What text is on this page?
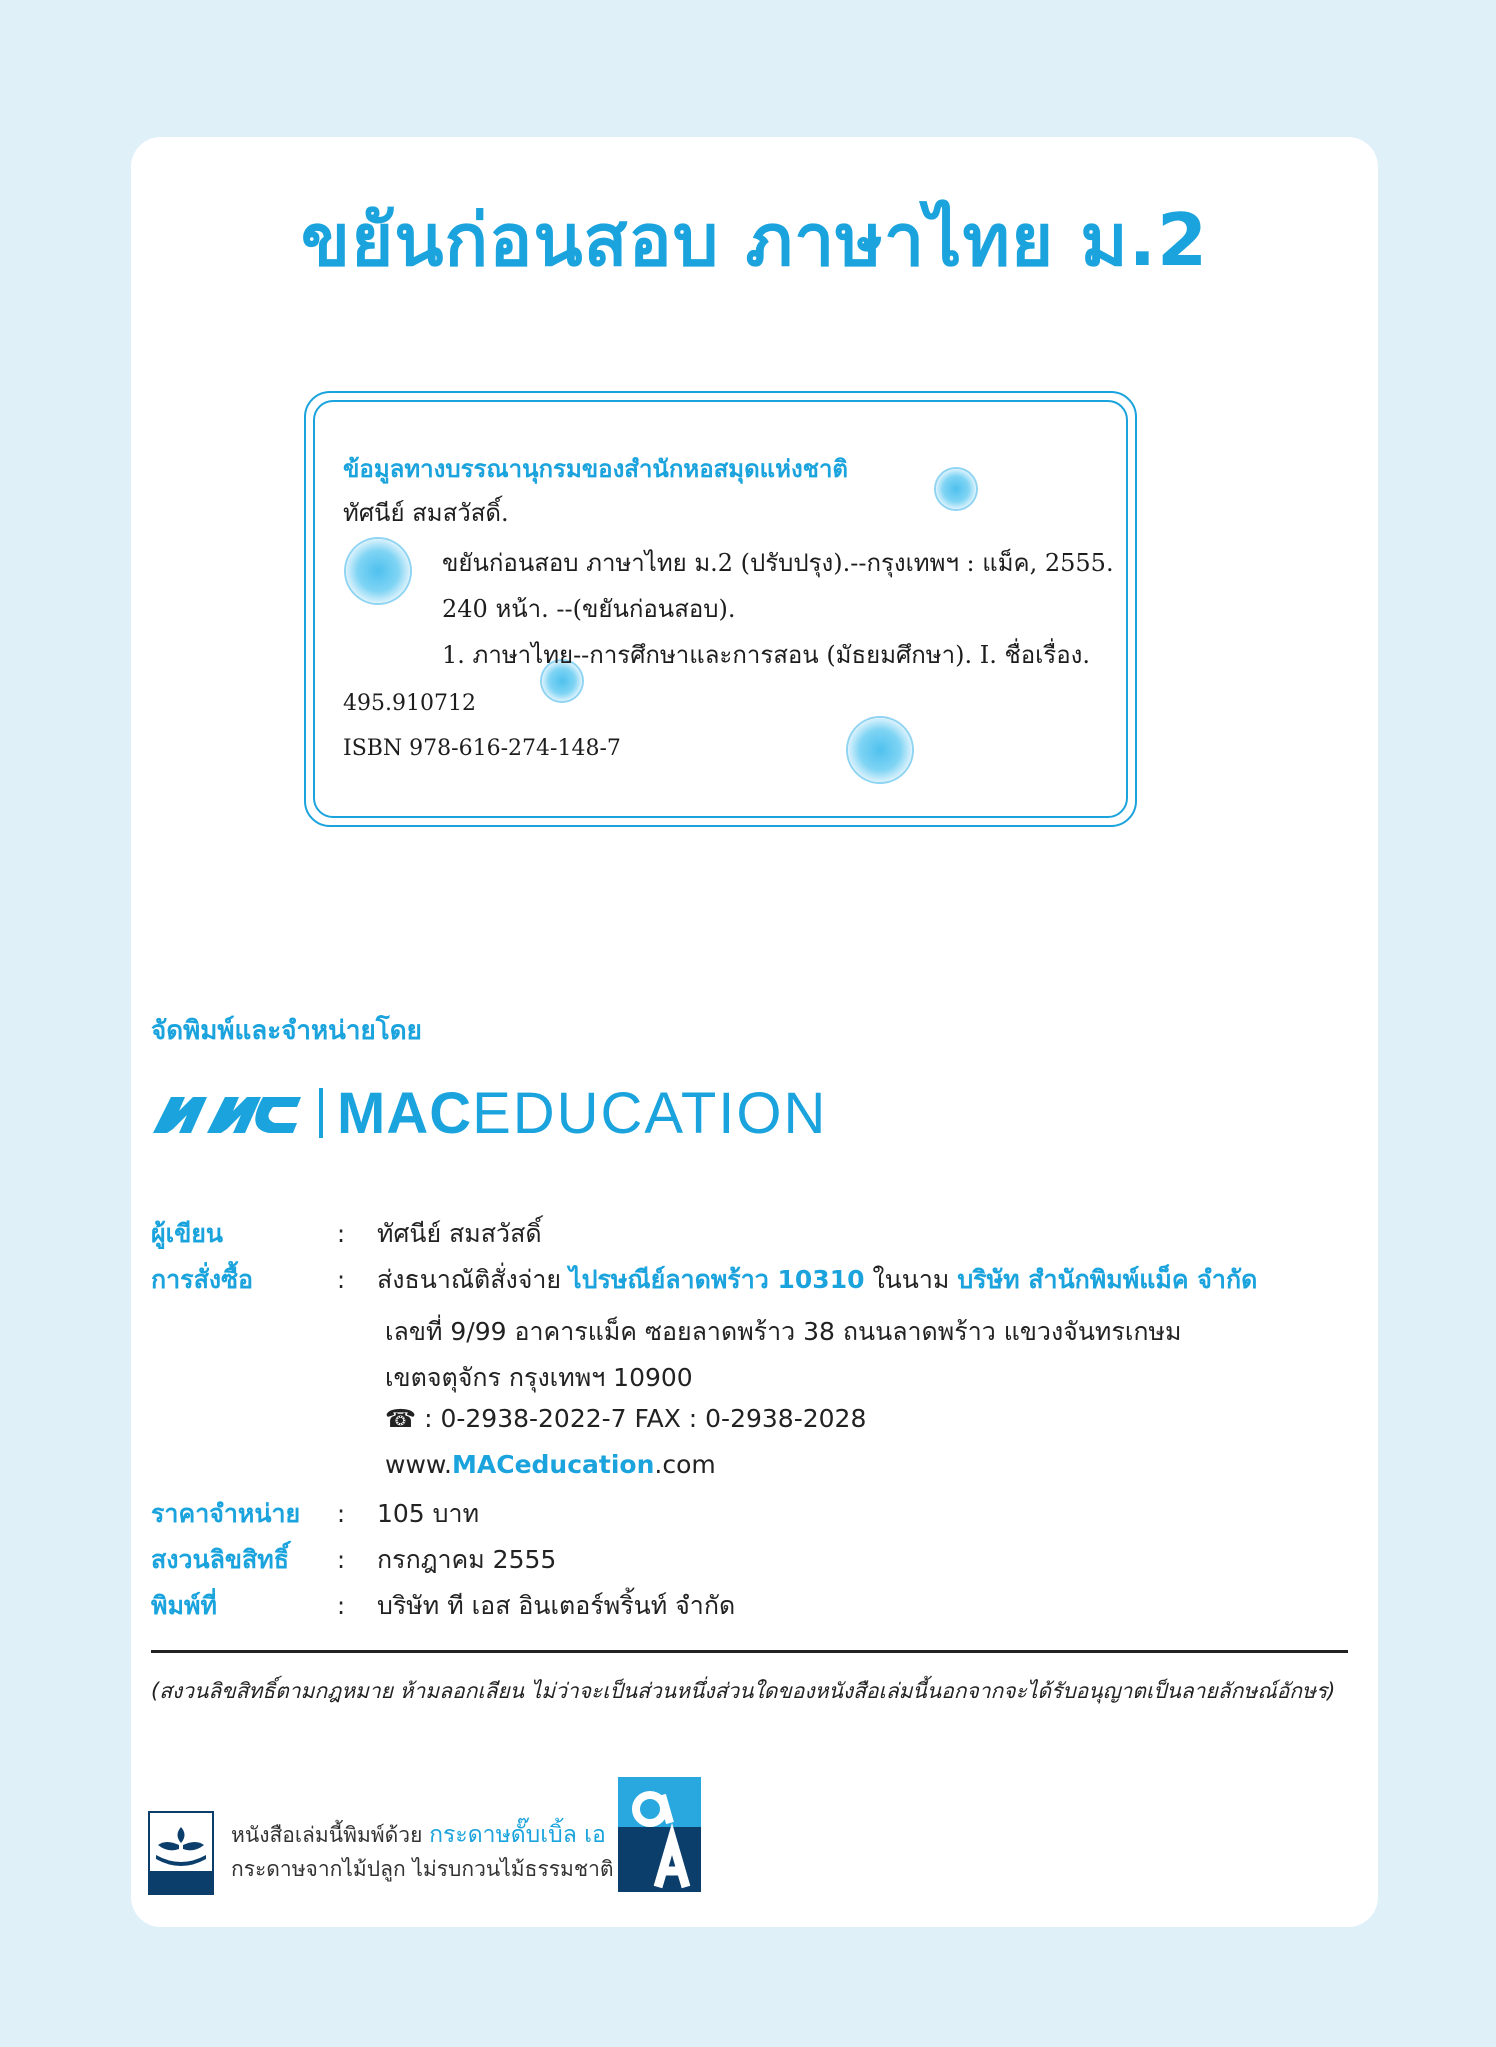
ขยันก่อนสอบ ภาษาไทย ม.2
ข้อมูลทางบรรณานุกรมของสำนักหอสมุดแห่งชาติ
ทัศนีย์ สมสวัสดิ์.
ขยันก่อนสอบ ภาษาไทย ม.2 (ปรับปรุง).--กรุงเทพฯ : แม็ค, 2555.
240 หน้า. --(ขยันก่อนสอบ).
1. ภาษาไทย--การศึกษาและการสอน (มัธยมศึกษา). I. ชื่อเรื่อง.
495.910712
ISBN 978-616-274-148-7
จัดพิมพ์และจำหน่ายโดย
MAC EDUCATION
ผู้เขียน	:	ทัศนีย์ สมสวัสดิ์
การสั่งซื้อ	:	ส่งธนาณัติสั่งจ่าย ไปรษณีย์ลาดพร้าว 10310 ในนาม บริษัท สำนักพิมพ์แม็ค จำกัด
เลขที่ 9/99 อาคารแม็ค ซอยลาดพร้าว 38 ถนนลาดพร้าว แขวงจันทรเกษม
เขตจตุจักร กรุงเทพฯ 10900
☎ : 0-2938-2022-7 FAX : 0-2938-2028
www.MACeducation.com
ราคาจำหน่าย	:	105 บาท
สงวนลิขสิทธิ์	:	กรกฎาคม 2555
พิมพ์ที่	:	บริษัท ที เอส อินเตอร์พริ้นท์ จำกัด
(สงวนลิขสิทธิ์ตามกฎหมาย ห้ามลอกเลียน ไม่ว่าจะเป็นส่วนหนึ่งส่วนใดของหนังสือเล่มนี้นอกจากจะได้รับอนุญาตเป็นลายลักษณ์อักษร)
หนังสือเล่มนี้พิมพ์ด้วย กระดาษดั๊บเบิ้ล เอ
กระดาษจากไม้ปลูก ไม่รบกวนไม้ธรรมชาติ
